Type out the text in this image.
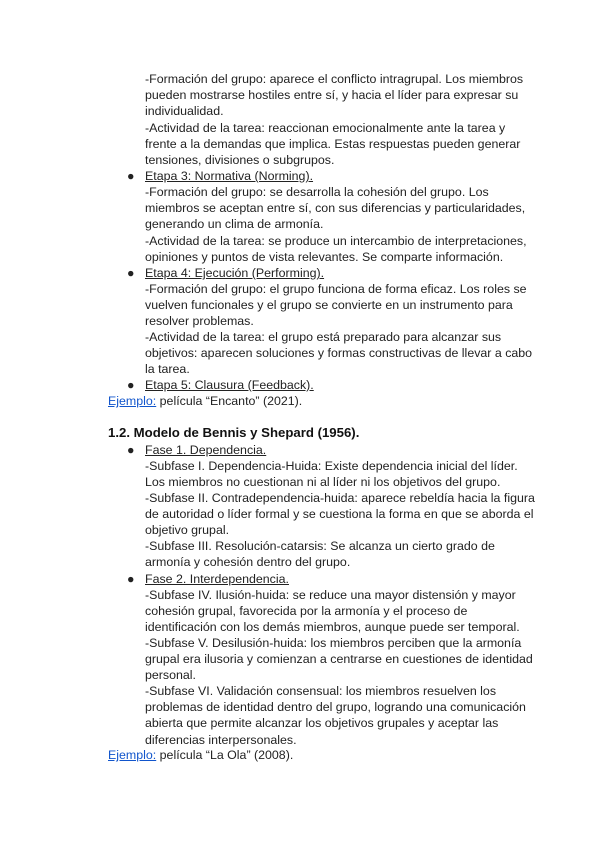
-Formación del grupo: aparece el conflicto intragrupal. Los miembros pueden mostrarse hostiles entre sí, y hacia el líder para expresar su individualidad.
-Actividad de la tarea: reaccionan emocionalmente ante la tarea y frente a la demandas que implica. Estas respuestas pueden generar tensiones, divisiones o subgrupos.
● Etapa 3: Normativa (Norming).
-Formación del grupo: se desarrolla la cohesión del grupo. Los miembros se aceptan entre sí, con sus diferencias y particularidades, generando un clima de armonía.
-Actividad de la tarea: se produce un intercambio de interpretaciones, opiniones y puntos de vista relevantes. Se comparte información.
● Etapa 4: Ejecución (Performing).
-Formación del grupo: el grupo funciona de forma eficaz. Los roles se vuelven funcionales y el grupo se convierte en un instrumento para resolver problemas.
-Actividad de la tarea: el grupo está preparado para alcanzar sus objetivos: aparecen soluciones y formas constructivas de llevar a cabo la tarea.
● Etapa 5: Clausura (Feedback).
Ejemplo: película “Encanto” (2021).
1.2. Modelo de Bennis y Shepard (1956).
● Fase 1. Dependencia.
-Subfase I. Dependencia-Huida: Existe dependencia inicial del líder. Los miembros no cuestionan ni al líder ni los objetivos del grupo.
-Subfase II. Contradependencia-huida: aparece rebeldía hacia la figura de autoridad o líder formal y se cuestiona la forma en que se aborda el objetivo grupal.
-Subfase III. Resolución-catarsis: Se alcanza un cierto grado de armonía y cohesión dentro del grupo.
● Fase 2. Interdependencia.
-Subfase IV. Ilusión-huida: se reduce una mayor distensión y mayor cohesión grupal, favorecida por la armonía y el proceso de identificación con los demás miembros, aunque puede ser temporal.
-Subfase V. Desilusión-huida: los miembros perciben que la armonía grupal era ilusoria y comienzan a centrarse en cuestiones de identidad personal.
-Subfase VI. Validación consensual: los miembros resuelven los problemas de identidad dentro del grupo, logrando una comunicación abierta que permite alcanzar los objetivos grupales y aceptar las diferencias interpersonales.
Ejemplo: película “La Ola” (2008).
